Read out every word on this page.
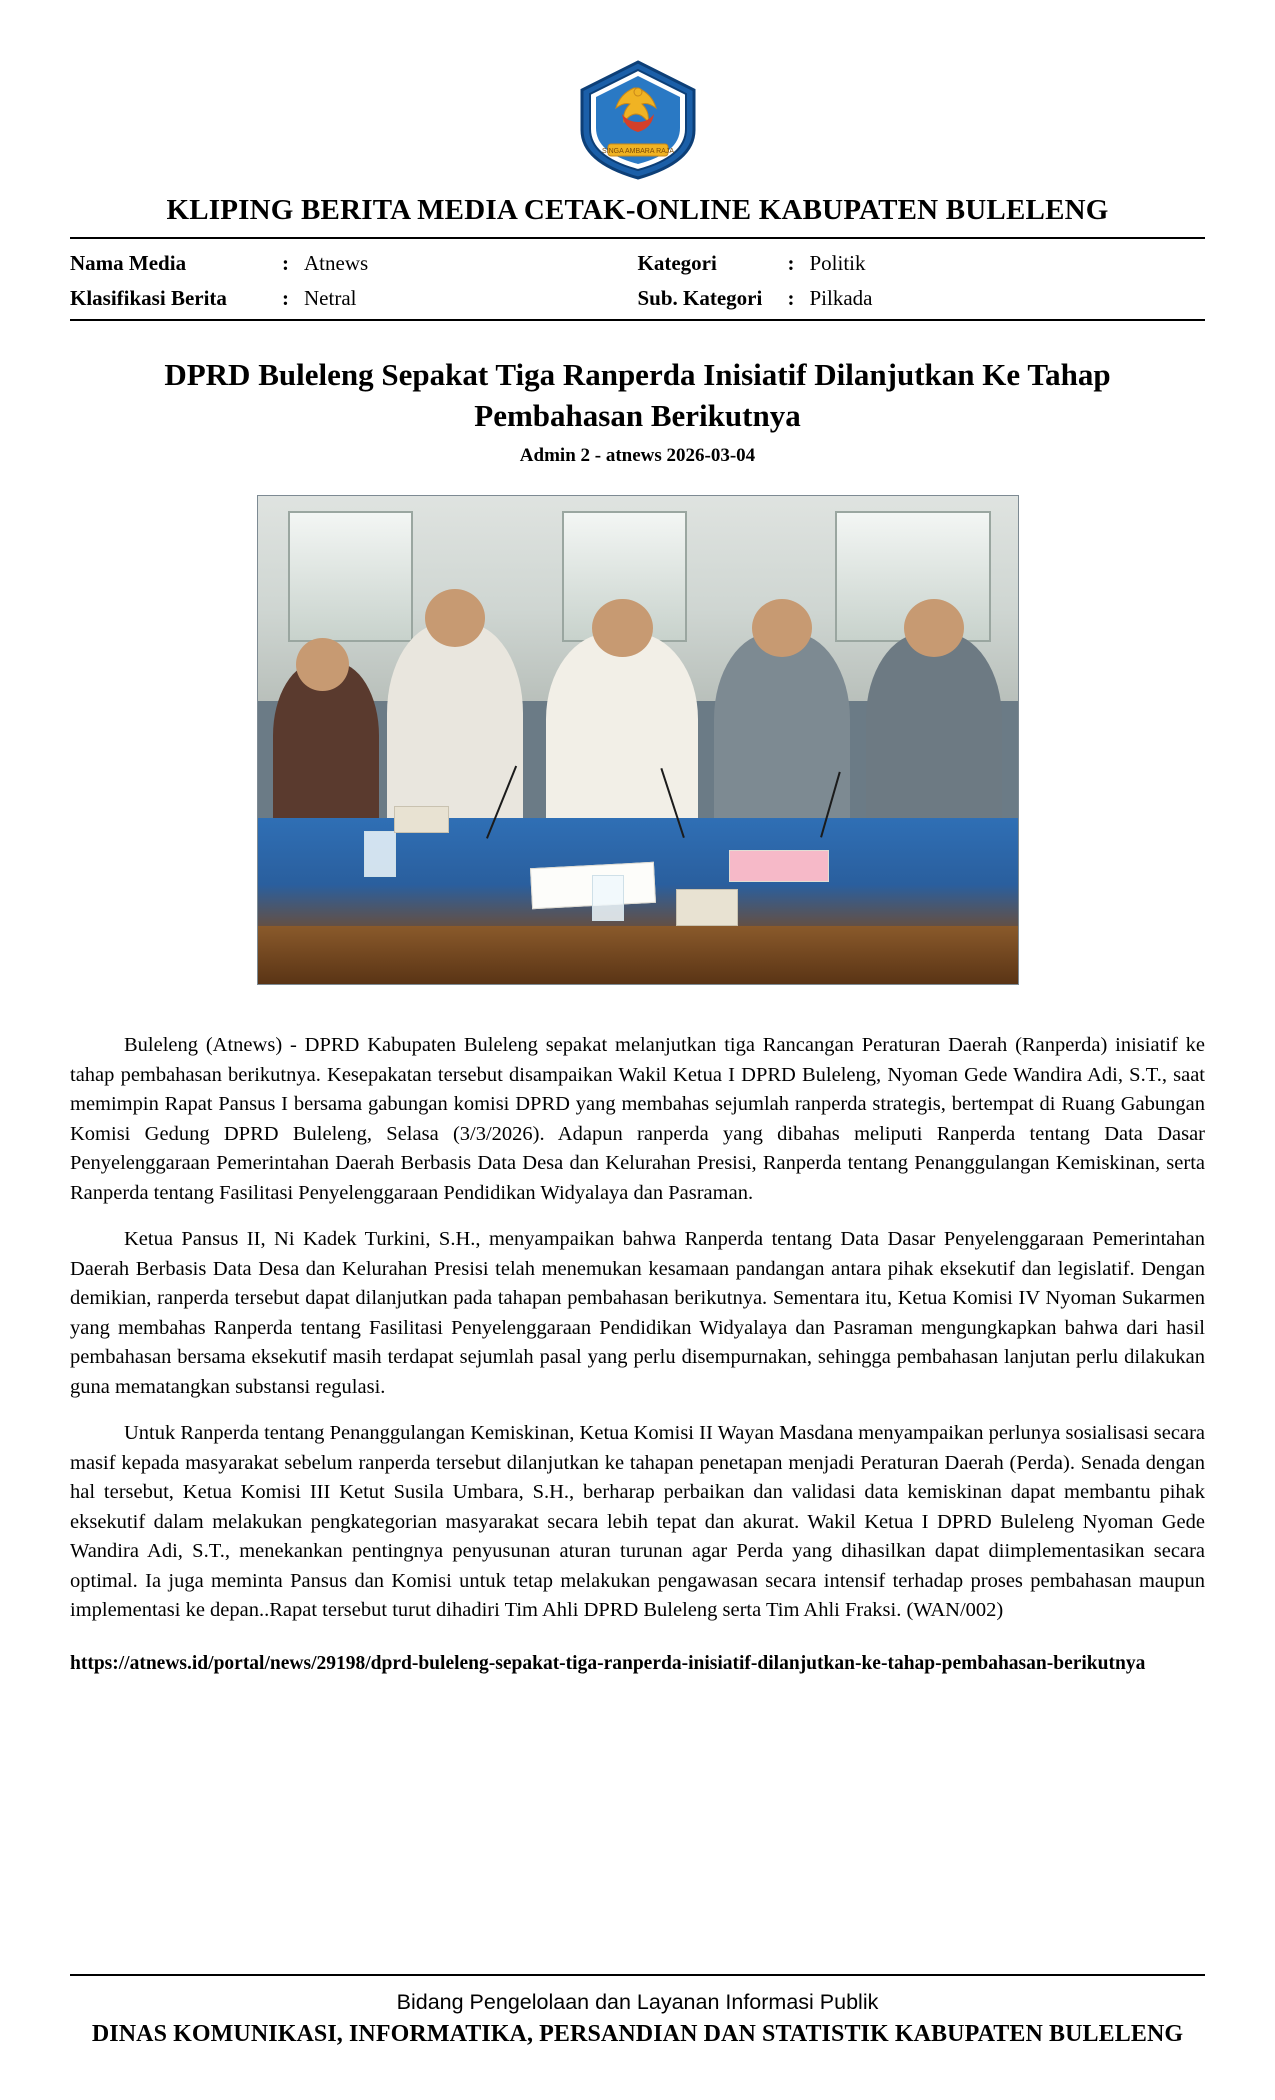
SINGA AMBARA RAJA
KLIPING BERITA MEDIA CETAK-ONLINE KABUPATEN BULELENG
Nama Media	: Atnews
Klasifikasi Berita	: Netral
Kategori	: Politik
Sub. Kategori	: Pilkada
DPRD Buleleng Sepakat Tiga Ranperda Inisiatif Dilanjutkan Ke Tahap Pembahasan Berikutnya
Admin 2 - atnews 2026-03-04

Buleleng (Atnews) - DPRD Kabupaten Buleleng sepakat melanjutkan tiga Rancangan Peraturan Daerah (Ranperda) inisiatif ke tahap pembahasan berikutnya. Kesepakatan tersebut disampaikan Wakil Ketua I DPRD Buleleng, Nyoman Gede Wandira Adi, S.T., saat memimpin Rapat Pansus I bersama gabungan komisi DPRD yang membahas sejumlah ranperda strategis, bertempat di Ruang Gabungan Komisi Gedung DPRD Buleleng, Selasa (3/3/2026). Adapun ranperda yang dibahas meliputi Ranperda tentang Data Dasar Penyelenggaraan Pemerintahan Daerah Berbasis Data Desa dan Kelurahan Presisi, Ranperda tentang Penanggulangan Kemiskinan, serta Ranperda tentang Fasilitasi Penyelenggaraan Pendidikan Widyalaya dan Pasraman.

Ketua Pansus II, Ni Kadek Turkini, S.H., menyampaikan bahwa Ranperda tentang Data Dasar Penyelenggaraan Pemerintahan Daerah Berbasis Data Desa dan Kelurahan Presisi telah menemukan kesamaan pandangan antara pihak eksekutif dan legislatif. Dengan demikian, ranperda tersebut dapat dilanjutkan pada tahapan pembahasan berikutnya. Sementara itu, Ketua Komisi IV Nyoman Sukarmen yang membahas Ranperda tentang Fasilitasi Penyelenggaraan Pendidikan Widyalaya dan Pasraman mengungkapkan bahwa dari hasil pembahasan bersama eksekutif masih terdapat sejumlah pasal yang perlu disempurnakan, sehingga pembahasan lanjutan perlu dilakukan guna mematangkan substansi regulasi.

Untuk Ranperda tentang Penanggulangan Kemiskinan, Ketua Komisi II Wayan Masdana menyampaikan perlunya sosialisasi secara masif kepada masyarakat sebelum ranperda tersebut dilanjutkan ke tahapan penetapan menjadi Peraturan Daerah (Perda). Senada dengan hal tersebut, Ketua Komisi III Ketut Susila Umbara, S.H., berharap perbaikan dan validasi data kemiskinan dapat membantu pihak eksekutif dalam melakukan pengkategorian masyarakat secara lebih tepat dan akurat. Wakil Ketua I DPRD Buleleng Nyoman Gede Wandira Adi, S.T., menekankan pentingnya penyusunan aturan turunan agar Perda yang dihasilkan dapat diimplementasikan secara optimal. Ia juga meminta Pansus dan Komisi untuk tetap melakukan pengawasan secara intensif terhadap proses pembahasan maupun implementasi ke depan..Rapat tersebut turut dihadiri Tim Ahli DPRD Buleleng serta Tim Ahli Fraksi. (WAN/002)

https://atnews.id/portal/news/29198/dprd-buleleng-sepakat-tiga-ranperda-inisiatif-dilanjutkan-ke-tahap-pembahasan-berikutnya
Bidang Pengelolaan dan Layanan Informasi Publik
DINAS KOMUNIKASI, INFORMATIKA, PERSANDIAN DAN STATISTIK KABUPATEN BULELENG
